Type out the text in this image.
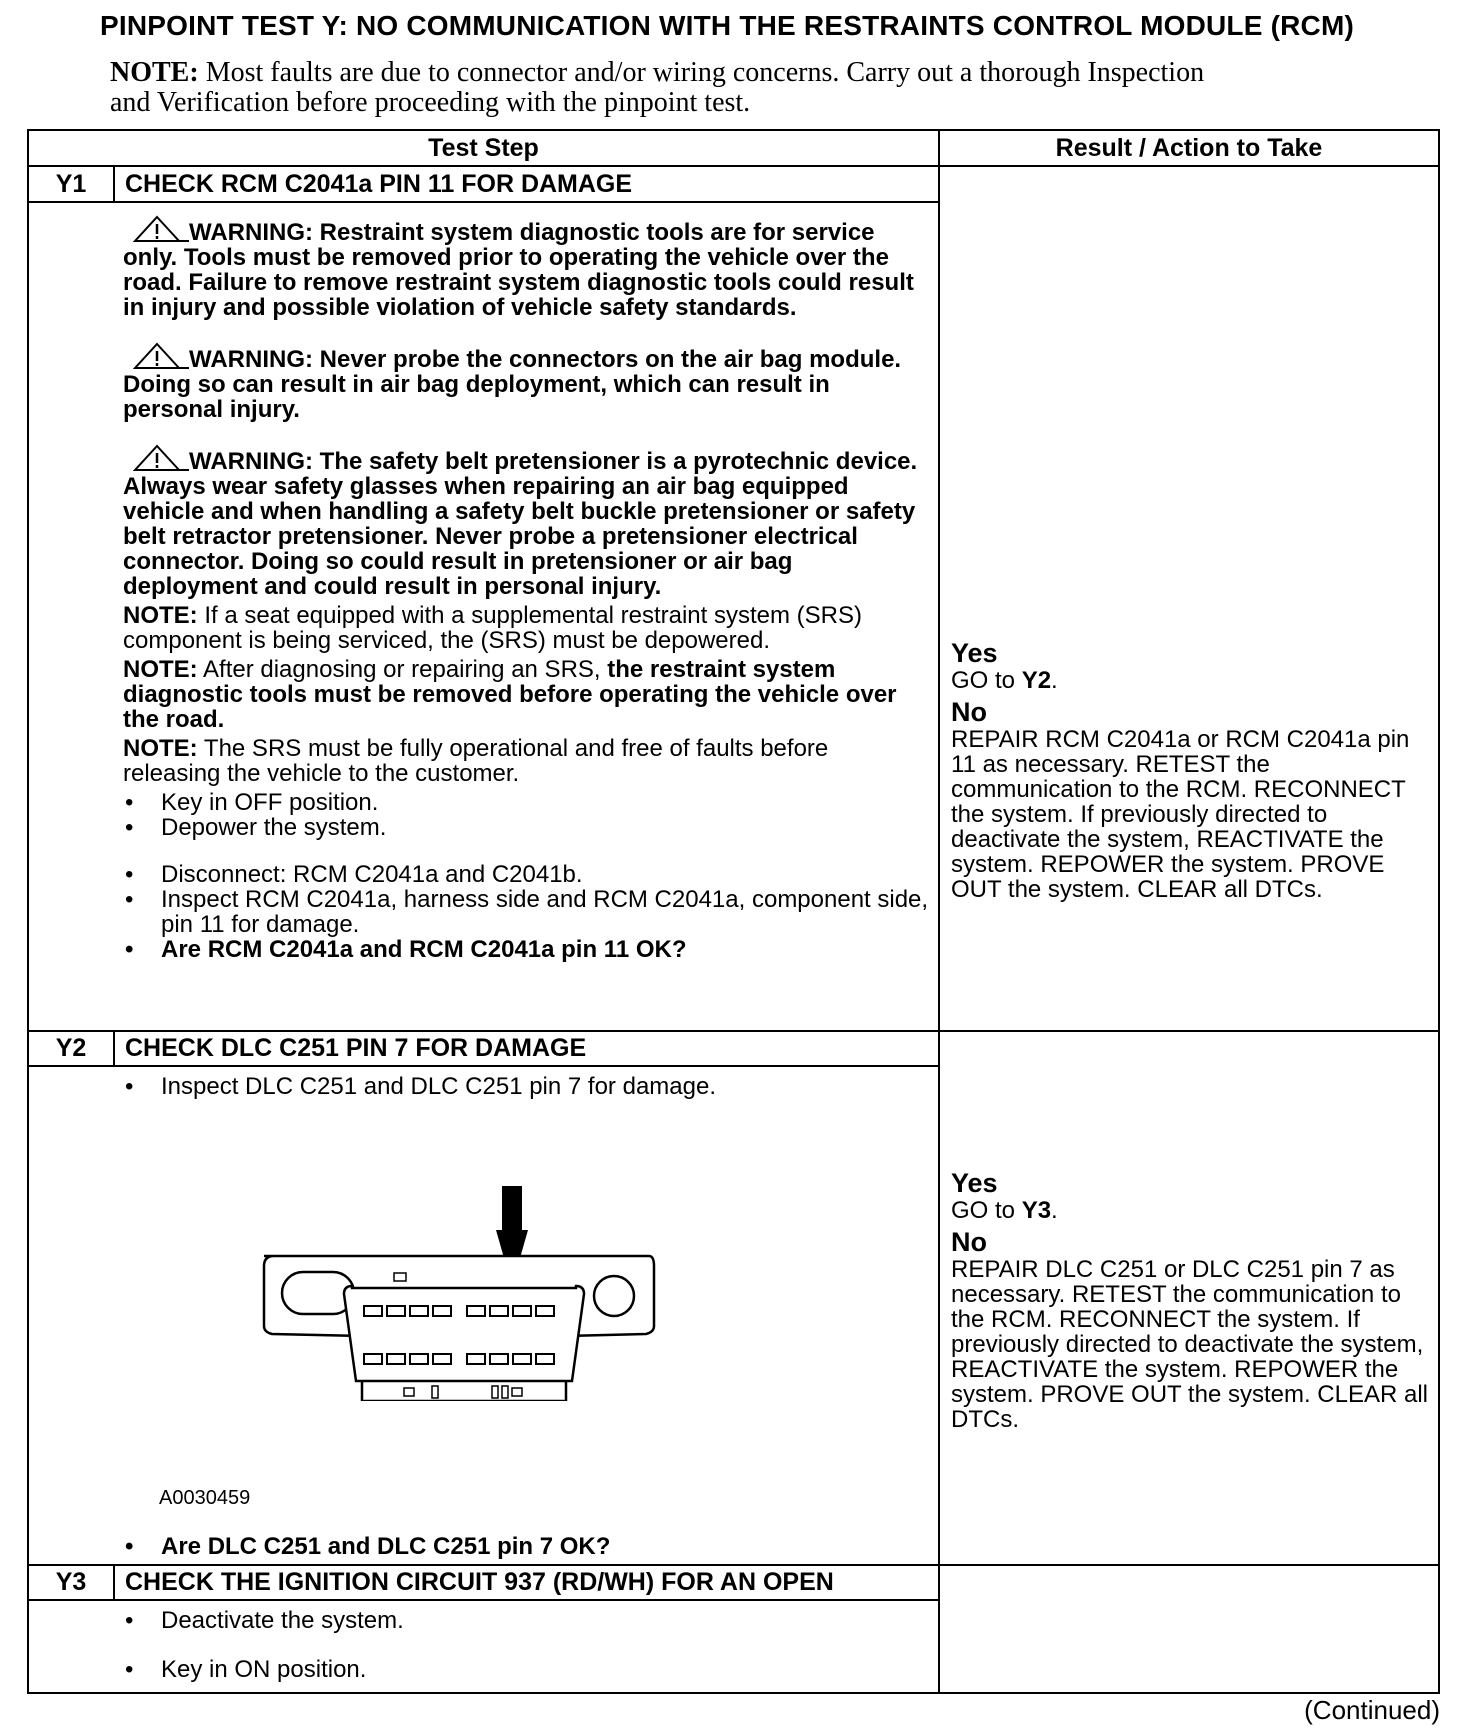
PINPOINT TEST Y: NO COMMUNICATION WITH THE RESTRAINTS CONTROL MODULE (RCM)
NOTE: Most faults are due to connector and/or wiring concerns. Carry out a thorough Inspection and Verification before proceeding with the pinpoint test.
Test Step	Result / Action to Take
Y1	CHECK RCM C2041a PIN 11 FOR DAMAGE
WARNING: Restraint system diagnostic tools are for service only. Tools must be removed prior to operating the vehicle over the road. Failure to remove restraint system diagnostic tools could result in injury and possible violation of vehicle safety standards.
WARNING: Never probe the connectors on the air bag module. Doing so can result in air bag deployment, which can result in personal injury.
WARNING: The safety belt pretensioner is a pyrotechnic device. Always wear safety glasses when repairing an air bag equipped vehicle and when handling a safety belt buckle pretensioner or safety belt retractor pretensioner. Never probe a pretensioner electrical connector. Doing so could result in pretensioner or air bag deployment and could result in personal injury.
NOTE: If a seat equipped with a supplemental restraint system (SRS) component is being serviced, the (SRS) must be depowered.
NOTE: After diagnosing or repairing an SRS, the restraint system diagnostic tools must be removed before operating the vehicle over the road.
NOTE: The SRS must be fully operational and free of faults before releasing the vehicle to the customer.
• Key in OFF position.
• Depower the system.
• Disconnect: RCM C2041a and C2041b.
• Inspect RCM C2041a, harness side and RCM C2041a, component side, pin 11 for damage.
• Are RCM C2041a and RCM C2041a pin 11 OK?
Yes
GO to Y2.
No
REPAIR RCM C2041a or RCM C2041a pin 11 as necessary. RETEST the communication to the RCM. RECONNECT the system. If previously directed to deactivate the system, REACTIVATE the system. REPOWER the system. PROVE OUT the system. CLEAR all DTCs.
Y2	CHECK DLC C251 PIN 7 FOR DAMAGE
• Inspect DLC C251 and DLC C251 pin 7 for damage.
A0030459
• Are DLC C251 and DLC C251 pin 7 OK?
Yes
GO to Y3.
No
REPAIR DLC C251 or DLC C251 pin 7 as necessary. RETEST the communication to the RCM. RECONNECT the system. If previously directed to deactivate the system, REACTIVATE the system. REPOWER the system. PROVE OUT the system. CLEAR all DTCs.
Y3	CHECK THE IGNITION CIRCUIT 937 (RD/WH) FOR AN OPEN
• Deactivate the system.
• Key in ON position.
(Continued)
